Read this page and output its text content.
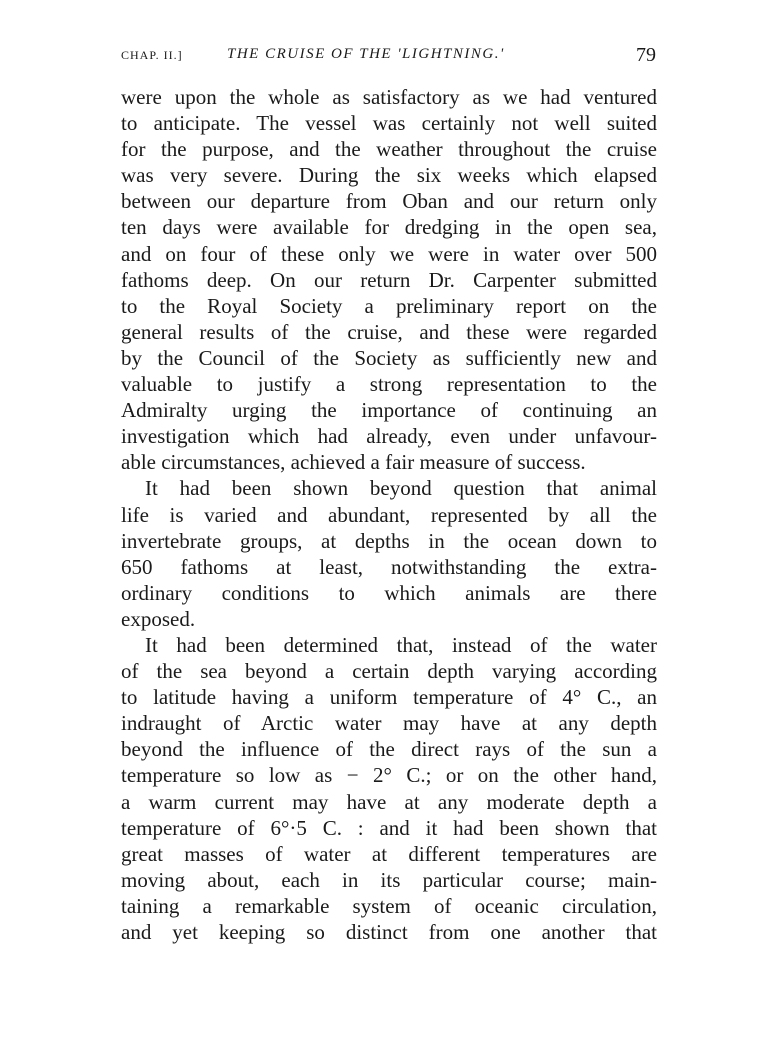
CHAP. II.]	THE CRUISE OF THE 'LIGHTNING.'	79
were upon the whole as satisfactory as we had ventured
to anticipate. The vessel was certainly not well suited
for the purpose, and the weather throughout the cruise
was very severe. During the six weeks which elapsed
between our departure from Oban and our return only
ten days were available for dredging in the open sea,
and on four of these only we were in water over 500
fathoms deep. On our return Dr. Carpenter submitted
to the Royal Society a preliminary report on the
general results of the cruise, and these were regarded
by the Council of the Society as sufficiently new and
valuable to justify a strong representation to the
Admiralty urging the importance of continuing an
investigation which had already, even under unfavour-
able circumstances, achieved a fair measure of success.
It had been shown beyond question that animal
life is varied and abundant, represented by all the
invertebrate groups, at depths in the ocean down to
650 fathoms at least, notwithstanding the extra-
ordinary conditions to which animals are there
exposed.
It had been determined that, instead of the water
of the sea beyond a certain depth varying according
to latitude having a uniform temperature of 4° C., an
indraught of Arctic water may have at any depth
beyond the influence of the direct rays of the sun a
temperature so low as − 2° C.; or on the other hand,
a warm current may have at any moderate depth a
temperature of 6°·5 C. : and it had been shown that
great masses of water at different temperatures are
moving about, each in its particular course; main-
taining a remarkable system of oceanic circulation,
and yet keeping so distinct from one another that
